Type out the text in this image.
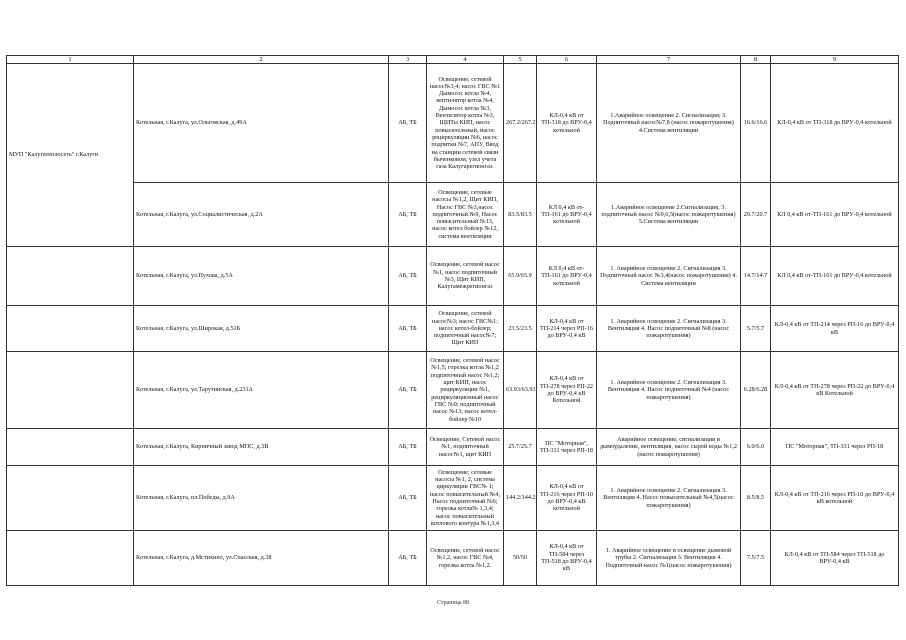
1	2	3	4	5	6	7	8	9
МУП "Калугатеплосеть" г.Калуги	Котельная, г.Калуга, ул.Ольговская, д.49А	АБ, ТБ	Освещение, сетевой насос№3,4; насос ГВС №1 Дымосос котла №4, вентилятор котла №4, Дымосос котла №3, Вентилятор котла №3, ЩИТы КИП, насос повысительный, насос рециркуляции №6, насос подпитки №7, АПУ, Ввод на станции сетевой связи быченковом, узел учета газа Калугарегионгаз.	267.2/267.2	КЛ-0,4 кВ от ТП-318 до ВРУ-0,4 котельной	1.Аварийное освещение 2. Сигнализация; 3. Подпиточный насос№7,8 (насос пожаротушения) 4.Система вентиляции	16.6/16.6	КЛ-0,4 кВ от ТП-318 до ВРУ-0,4 котельной
	Котельная, г.Калуга, ул.Социалистическая, д.2А	АБ, ТБ	Освещение, сетевые насосы №1,2, Щит КИП, Насос ГВС №3,насос подпиточный №9, Насос повысительный №13, насос котел бойлер №12, система вентиляции	83.5/83.5	КЛ 0,4 кВ от-ТП-161 до ВРУ-0,4 котельной	1.Аварийное освещение 2.Сигнализация, 3. подпиточный насос №9,6,5(насос пожаротушения) 5.Система вентиляции	20.7/20.7	КЛ 0,4 кВ от-ТП-161 до ВРУ-0,4 котельной
	Котельная, г.Калуга, ул.Пухова, д.5А	АБ, ТБ	Освещение, сетевой насос №1, насос подпиточный №3, Щит КИП, Калугамежрегионгаз	65.9/65.9	КЛ 0,4 кВ от-ТП-161 до ВРУ-0,4 котельной	1. Аварийное освещение 2. Сигнализация 3. Подпиточный насос №3,4(насос пожаротушения) 4. Система вентиляции	14.7/14.7	КЛ 0,4 кВ от-ТП-161 до ВРУ-0,4 котельной
	Котельная, г.Калуга, ул.Широкая, д.51Б	АБ, ТБ	Освещение, сетевой насос№3; насос ГВС№1; насос котел-бойлер; подпиточный насос№7; Щит КИП	23.5/23.5	КЛ-0,4 кВ от ТП-214 через РП-16 до ВРУ-0,4 кВ	1. Аварийное освещение 2. Сигнализация 3. Вентиляция 4. Насос подпиточный №8 (насос пожаротушения)	5.7/5.7	КЛ-0,4 кВ от ТП-214 через РП-16 до ВРУ-0,4 кВ
	Котельная, г.Калуга, ул.Тарутинская, д.231А	АБ, ТБ	Освещение, сетевой насос №1,5; горелка котла №1,2 подпиточный насос №1,2; щит КИП, насос рециркуляции №1, рециркуляционный насос ГВС №9; подпиточный насос №13; насос котел-бойлер №10	63.93/63.93	КЛ-0,4 кВ от ТП-278 через РП-22 до ВРУ-0,4 кВ Котельной	1. Аварийное освещение 2. Сигнализация 3. Вентиляция 4. Насос подпиточный №4 (насос пожаротушения)	6.28/6.28	КЛ-0,4 кВ от ТП-278 через РП-22 до ВРУ-0,4 кВ Котельной
	Котельная, г.Калуга, Кирпичный завод МПС, д.3В	АБ, ТБ	Освещение, Сетевой насос №1, подпиточный насос№1, щит КИП	25.7/25.7	ПС "Моторная", ТП-331 через РП-18	Аварийное освещение, сигнализация и дымоудаление, вентиляция, насос сырой воды №1,2 (насос пожаротушения)	6.0/6.0	ПС "Моторная", ТП-331 через РП-18
	Котельная, г.Калуга, пл.Победы, д.9А	АБ, ТБ	Освещение; сетевые насосы №1, 2, система циркуляции ГВС№ 1; насос повысительный №4, Насос подпиточный №6; горелка котла№ 1,3,4; насос повысительный котлового контура №1,3,4	144.2/144.2	КЛ-0,4 кВ от ТП-216 через РП-10 до ВРУ-0,4 кВ котельной	1. Аварийное освещение 2. Сигнализация 3. Вентиляция 4. Насос повысительный №4,5(насос пожаротушения)	8.5/8.5	КЛ-0,4 кВ от ТП-216 через РП-10 до ВРУ-0,4 кВ котельной
	Котельная, г.Калуга, д.Мстихино, ул.Спасская, д.38	АБ, ТБ	Освещение, сетевой насос №1,2, насос ГВС №4, горелка котла №1,2.	50/50	КЛ-0,4 кВ от ТП-584 через ТП-518 до ВРУ-0,4 кВ	1. Аварийное освещение и освещение дымовой трубы 2. Сигнализация 3. Вентиляция 4. Подпиточный насос №1(насос пожаротушения)	7.5/7.5	КЛ-0,4 кВ от ТП-584 через ТП-518 до ВРУ-0,4 кВ
Страница 88
